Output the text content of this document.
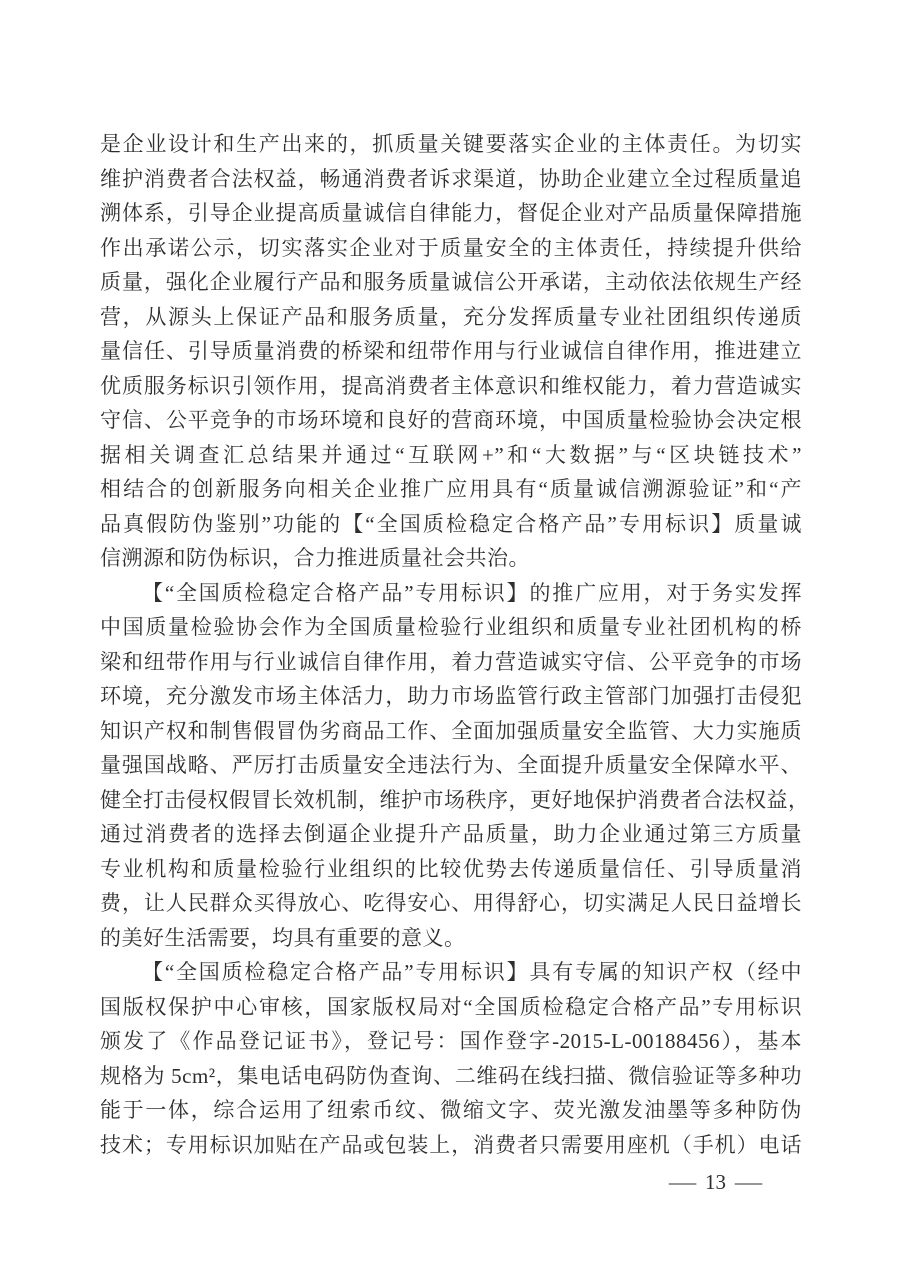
是企业设计和生产出来的，抓质量关键要落实企业的主体责任。为切实
维护消费者合法权益，畅通消费者诉求渠道，协助企业建立全过程质量追
溯体系，引导企业提高质量诚信自律能力，督促企业对产品质量保障措施
作出承诺公示，切实落实企业对于质量安全的主体责任，持续提升供给
质量，强化企业履行产品和服务质量诚信公开承诺，主动依法依规生产经
营，从源头上保证产品和服务质量，充分发挥质量专业社团组织传递质
量信任、引导质量消费的桥梁和纽带作用与行业诚信自律作用，推进建立
优质服务标识引领作用，提高消费者主体意识和维权能力，着力营造诚实
守信、公平竞争的市场环境和良好的营商环境，中国质量检验协会决定根
据相关调查汇总结果并通过“互联网+”和“大数据”与“区块链技术”
相结合的创新服务向相关企业推广应用具有“质量诚信溯源验证”和“产
品真假防伪鉴别”功能的【“全国质检稳定合格产品”专用标识】质量诚
信溯源和防伪标识，合力推进质量社会共治。
【“全国质检稳定合格产品”专用标识】的推广应用，对于务实发挥
中国质量检验协会作为全国质量检验行业组织和质量专业社团机构的桥
梁和纽带作用与行业诚信自律作用，着力营造诚实守信、公平竞争的市场
环境，充分激发市场主体活力，助力市场监管行政主管部门加强打击侵犯
知识产权和制售假冒伪劣商品工作、全面加强质量安全监管、大力实施质
量强国战略、严厉打击质量安全违法行为、全面提升质量安全保障水平、
健全打击侵权假冒长效机制，维护市场秩序，更好地保护消费者合法权益，
通过消费者的选择去倒逼企业提升产品质量，助力企业通过第三方质量
专业机构和质量检验行业组织的比较优势去传递质量信任、引导质量消
费，让人民群众买得放心、吃得安心、用得舒心，切实满足人民日益增长
的美好生活需要，均具有重要的意义。
【“全国质检稳定合格产品”专用标识】具有专属的知识产权（经中
国版权保护中心审核，国家版权局对“全国质检稳定合格产品”专用标识
颁发了《作品登记证书》，登记号：国作登字-2015-L-00188456），基本
规格为 5cm²，集电话电码防伪查询、二维码在线扫描、微信验证等多种功
能于一体，综合运用了纽索币纹、微缩文字、荧光激发油墨等多种防伪
技术；专用标识加贴在产品或包装上，消费者只需要用座机（手机）电话
— 13 —
